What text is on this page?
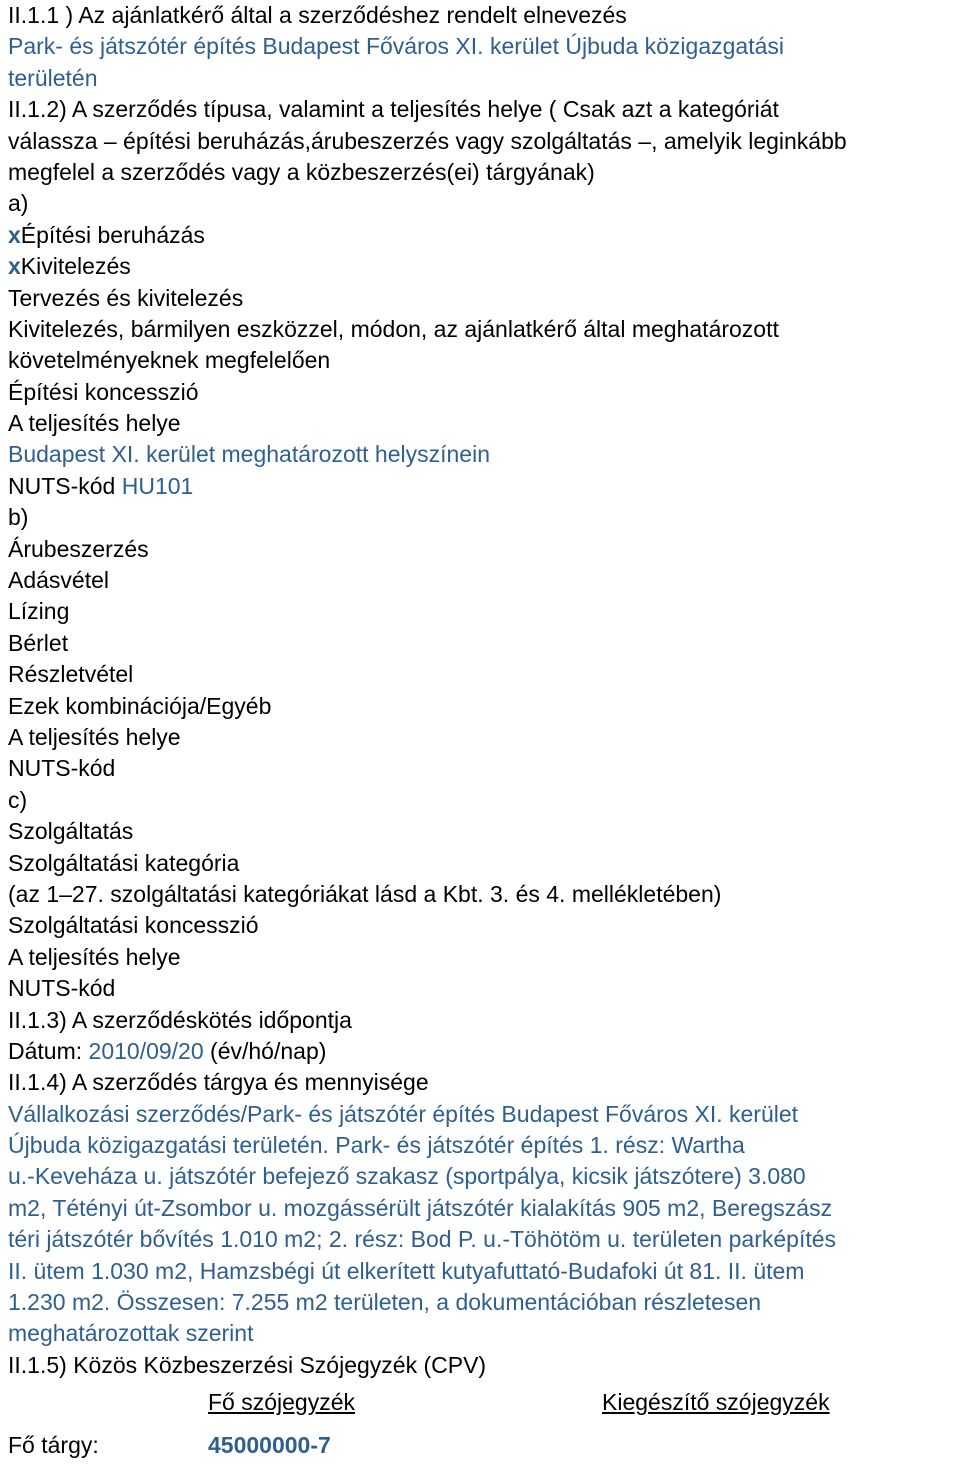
II.1.1 ) Az ajánlatkérő által a szerződéshez rendelt elnevezés
Park- és játszótér építés Budapest Főváros XI. kerület Újbuda közigazgatási
területén
II.1.2) A szerződés típusa, valamint a teljesítés helye ( Csak azt a kategóriát
válassza – építési beruházás,árubeszerzés vagy szolgáltatás –, amelyik leginkább
megfelel a szerződés vagy a közbeszerzés(ei) tárgyának)
a)
xÉpítési beruházás
xKivitelezés
Tervezés és kivitelezés
Kivitelezés, bármilyen eszközzel, módon, az ajánlatkérő által meghatározott
követelményeknek megfelelően
Építési koncesszió
A teljesítés helye
Budapest XI. kerület meghatározott helyszínein
NUTS-kód HU101
b)
Árubeszerzés
Adásvétel
Lízing
Bérlet
Részletvétel
Ezek kombinációja/Egyéb
A teljesítés helye
NUTS-kód
c)
Szolgáltatás
Szolgáltatási kategória
(az 1–27. szolgáltatási kategóriákat lásd a Kbt. 3. és 4. mellékletében)
Szolgáltatási koncesszió
A teljesítés helye
NUTS-kód
II.1.3) A szerződéskötés időpontja
Dátum: 2010/09/20 (év/hó/nap)
II.1.4) A szerződés tárgya és mennyisége
Vállalkozási szerződés/Park- és játszótér építés Budapest Főváros XI. kerület
Újbuda közigazgatási területén. Park- és játszótér építés 1. rész: Wartha
u.-Keveháza u. játszótér befejező szakasz (sportpálya, kicsik játszótere) 3.080
m2, Tétényi út-Zsombor u. mozgássérült játszótér kialakítás 905 m2, Beregszász
téri játszótér bővítés 1.010 m2; 2. rész: Bod P. u.-Töhötöm u. területen parképítés
II. ütem 1.030 m2, Hamzsbégi út elkerített kutyafuttató-Budafoki út 81. II. ütem
1.230 m2. Összesen: 7.255 m2 területen, a dokumentációban részletesen
meghatározottak szerint
II.1.5) Közös Közbeszerzési Szójegyzék (CPV)
Fő szójegyzék	Kiegészítő szójegyzék
Fő tárgy:	45000000-7
